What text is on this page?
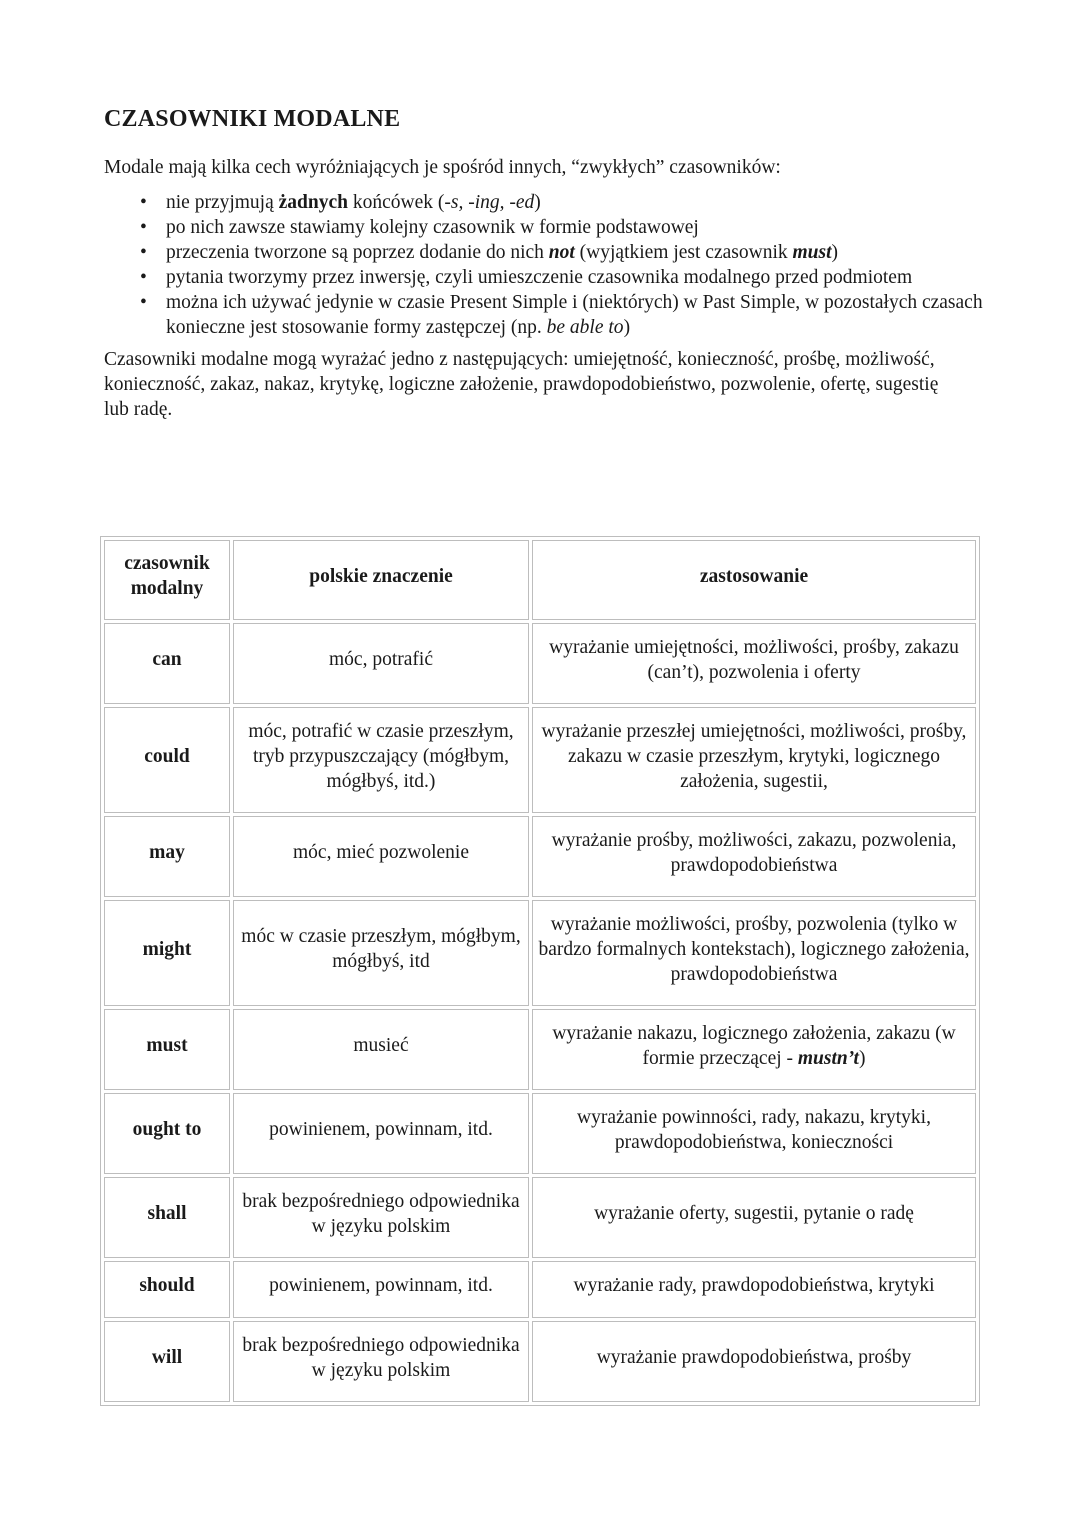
CZASOWNIKI MODALNE

Modale mają kilka cech wyróżniających je spośród innych, “zwykłych” czasowników:

• nie przyjmują żadnych końcówek (-s, -ing, -ed)
• po nich zawsze stawiamy kolejny czasownik w formie podstawowej
• przeczenia tworzone są poprzez dodanie do nich not (wyjątkiem jest czasownik must)
• pytania tworzymy przez inwersję, czyli umieszczenie czasownika modalnego przed podmiotem
• można ich używać jedynie w czasie Present Simple i (niektórych) w Past Simple, w pozostałych czasach konieczne jest stosowanie formy zastępczej (np. be able to)

Czasowniki modalne mogą wyrażać jedno z następujących: umiejętność, konieczność, prośbę, możliwość, konieczność, zakaz, nakaz, krytykę, logiczne założenie, prawdopodobieństwo, pozwolenie, ofertę, sugestię lub radę.

czasownik modalny	polskie znaczenie	zastosowanie
can	móc, potrafić	wyrażanie umiejętności, możliwości, prośby, zakazu (can’t), pozwolenia i oferty
could	móc, potrafić w czasie przeszłym, tryb przypuszczający (mógłbym, mógłbyś, itd.)	wyrażanie przeszłej umiejętności, możliwości, prośby, zakazu w czasie przeszłym, krytyki, logicznego założenia, sugestii,
may	móc, mieć pozwolenie	wyrażanie prośby, możliwości, zakazu, pozwolenia, prawdopodobieństwa
might	móc w czasie przeszłym, mógłbym, mógłbyś, itd	wyrażanie możliwości, prośby, pozwolenia (tylko w bardzo formalnych kontekstach), logicznego założenia, prawdopodobieństwa
must	musieć	wyrażanie nakazu, logicznego założenia, zakazu (w formie przeczącej - mustn’t)
ought to	powinienem, powinnam, itd.	wyrażanie powinności, rady, nakazu, krytyki, prawdopodobieństwa, konieczności
shall	brak bezpośredniego odpowiednika w języku polskim	wyrażanie oferty, sugestii, pytanie o radę
should	powinienem, powinnam, itd.	wyrażanie rady, prawdopodobieństwa, krytyki
will	brak bezpośredniego odpowiednika w języku polskim	wyrażanie prawdopodobieństwa, prośby
